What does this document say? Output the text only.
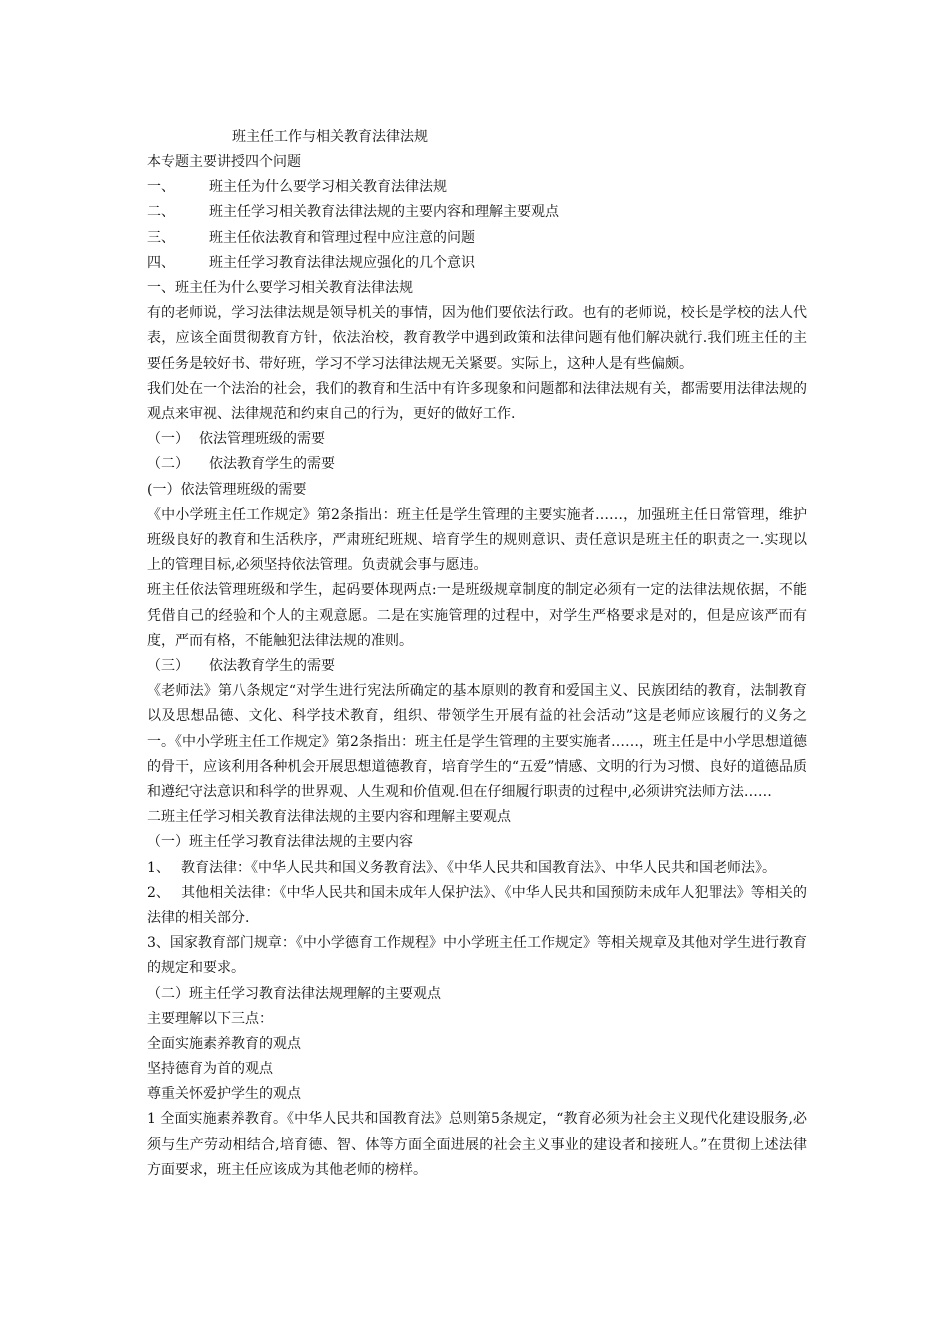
班主任工作与相关教育法律法规
本专题主要讲授四个问题
一、 班主任为什么要学习相关教育法律法规
二、 班主任学习相关教育法律法规的主要内容和理解主要观点
三、 班主任依法教育和管理过程中应注意的问题
四、 班主任学习教育法律法规应强化的几个意识
一、班主任为什么要学习相关教育法律法规

有的老师说，学习法律法规是领导机关的事情，因为他们要依法行政。也有的老师说，校长是学校的法人代表，应该全面贯彻教育方针，依法治校，教育教学中遇到政策和法律问题有他们解决就行.我们班主任的主要任务是较好书、带好班，学习不学习法律法规无关紧要。实际上，这种人是有些偏颇。

我们处在一个法治的社会，我们的教育和生活中有许多现象和问题都和法律法规有关，都需要用法律法规的观点来审视、法律规范和约束自己的行为，更好的做好工作.

（一） 依法管理班级的需要
（二） 依法教育学生的需要
(一）依法管理班级的需要

《中小学班主任工作规定》第2条指出：班主任是学生管理的主要实施者……，加强班主任日常管理，维护班级良好的教育和生活秩序，严肃班纪班规、培育学生的规则意识、责任意识是班主任的职责之一.实现以上的管理目标,必须坚持依法管理。负责就会事与愿违。

班主任依法管理班级和学生，起码要体现两点:一是班级规章制度的制定必须有一定的法律法规依据，不能凭借自己的经验和个人的主观意愿。二是在实施管理的过程中，对学生严格要求是对的，但是应该严而有度，严而有格，不能触犯法律法规的准则。

（三） 依法教育学生的需要

《老师法》第八条规定“对学生进行宪法所确定的基本原则的教育和爱国主义、民族团结的教育，法制教育以及思想品德、文化、科学技术教育，组织、带领学生开展有益的社会活动”这是老师应该履行的义务之一。《中小学班主任工作规定》第2条指出：班主任是学生管理的主要实施者……，班主任是中小学思想道德的骨干，应该利用各种机会开展思想道德教育，培育学生的“五爱”情感、文明的行为习惯、良好的道德品质和遵纪守法意识和科学的世界观、人生观和价值观.但在仔细履行职责的过程中,必须讲究法师方法……

二班主任学习相关教育法律法规的主要内容和理解主要观点
（一）班主任学习教育法律法规的主要内容

1、 教育法律：《中华人民共和国义务教育法》、《中华人民共和国教育法》、中华人民共和国老师法》。

2、 其他相关法律：《中华人民共和国未成年人保护法》、《中华人民共和国预防未成年人犯罪法》等相关的法律的相关部分.

3、国家教育部门规章：《中小学德育工作规程》中小学班主任工作规定》等相关规章及其他对学生进行教育的规定和要求。

（二）班主任学习教育法律法规理解的主要观点
主要理解以下三点：
全面实施素养教育的观点
坚持德育为首的观点
尊重关怀爱护学生的观点

1 全面实施素养教育。《中华人民共和国教育法》总则第5条规定，“教育必须为社会主义现代化建设服务,必须与生产劳动相结合,培育德、智、体等方面全面进展的社会主义事业的建设者和接班人。”在贯彻上述法律方面要求，班主任应该成为其他老师的榜样。
